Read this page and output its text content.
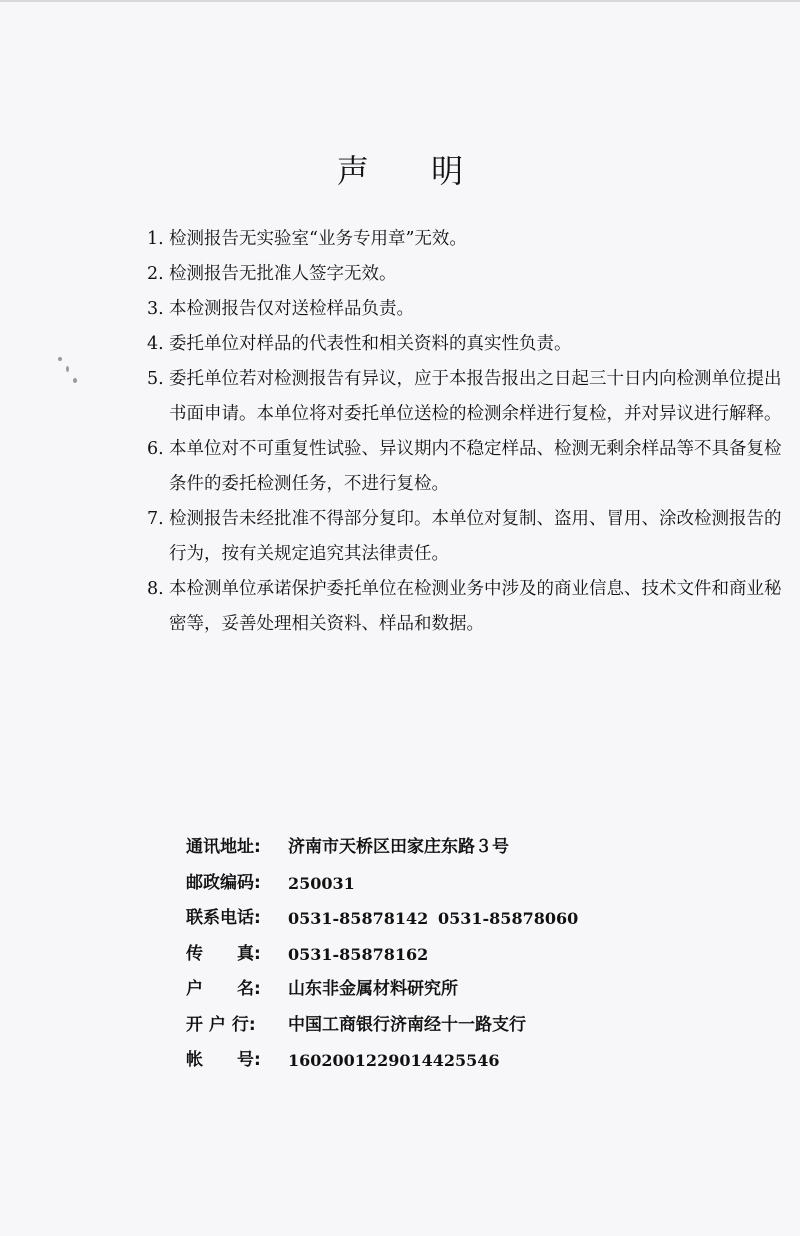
声 明
1. 检测报告无实验室“业务专用章”无效。
2. 检测报告无批准人签字无效。
3. 本检测报告仅对送检样品负责。
4. 委托单位对样品的代表性和相关资料的真实性负责。
5. 委托单位若对检测报告有异议，应于本报告报出之日起三十日内向检测单位提出
书面申请。本单位将对委托单位送检的检测余样进行复检，并对异议进行解释。
6. 本单位对不可重复性试验、异议期内不稳定样品、检测无剩余样品等不具备复检
条件的委托检测任务，不进行复检。
7. 检测报告未经批准不得部分复印。本单位对复制、盗用、冒用、涂改检测报告的
行为，按有关规定追究其法律责任。
8. 本检测单位承诺保护委托单位在检测业务中涉及的商业信息、技术文件和商业秘
密等，妥善处理相关资料、样品和数据。
通讯地址:	济南市天桥区田家庄东路３号
邮政编码:	250031
联系电话:	0531-85878142 0531-85878060
传　　真:	0531-85878162
户　　名:	山东非金属材料研究所
开 户 行:	中国工商银行济南经十一路支行
帐　　号:	1602001229014425546
